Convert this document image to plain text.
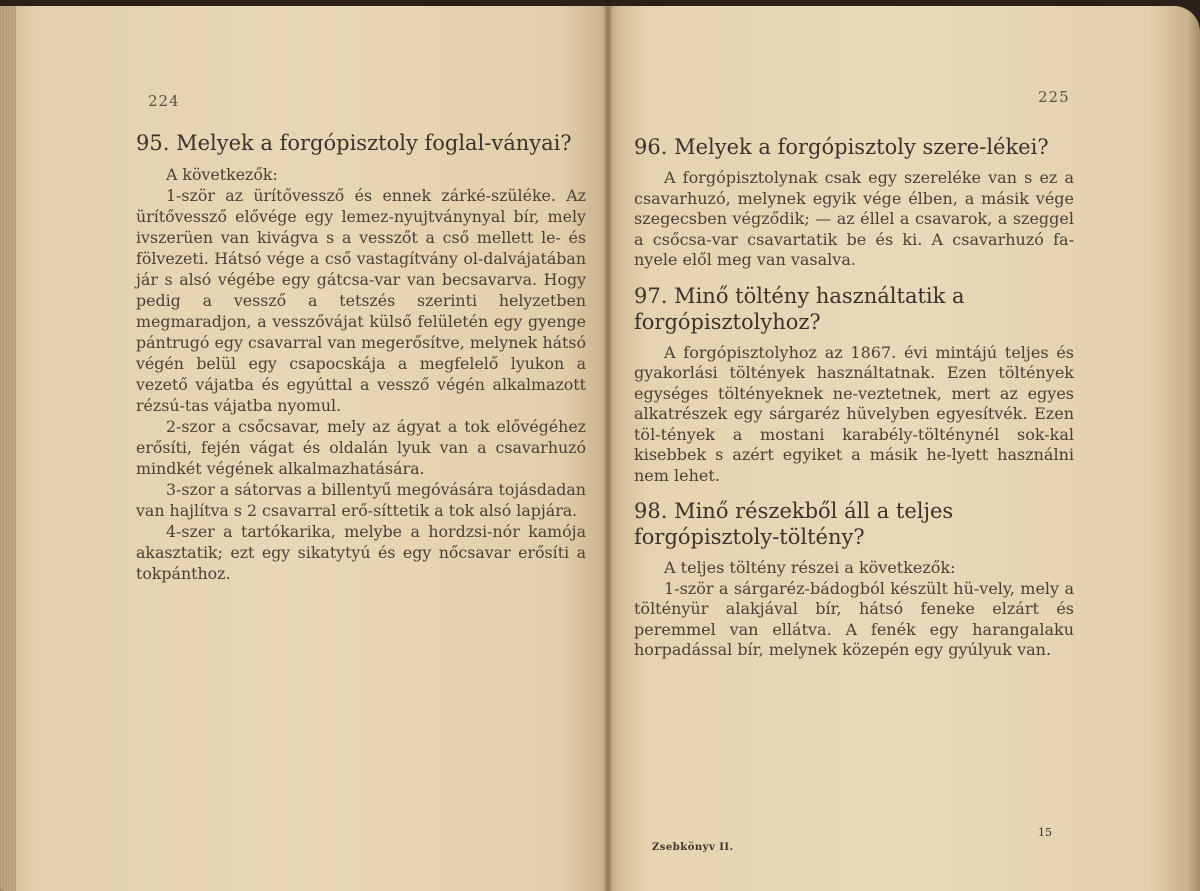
224
95. Melyek a forgópisztoly foglal-ványai?

A következők:

1-ször az ürítővessző és ennek zárké-szüléke. Az ürítővessző elővége egy lemez-nyujtványnyal bír, mely ivszerüen van kivágva s a vesszőt a cső mellett le- és fölvezeti. Hátsó vége a cső vastagítvány ol-dalvájatában jár s alsó végébe egy gátcsa-var van becsavarva. Hogy pedig a vessző a tetszés szerinti helyzetben megmaradjon, a vesszővájat külső felületén egy gyenge pántrugó egy csavarral van megerősítve, melynek hátsó végén belül egy csapocskája a megfelelő lyukon a vezető vájatba és egyúttal a vessző végén alkalmazott rézsú-tas vájatba nyomul.

2-szor a csőcsavar, mely az ágyat a tok elővégéhez erősíti, fején vágat és oldalán lyuk van a csavarhuzó mindkét végének alkalmazhatására.

3-szor a sátorvas a billentyű megóvására tojásdadan van hajlítva s 2 csavarral erő-síttetik a tok alsó lapjára.

4-szer a tartókarika, melybe a hordzsi-nór kamója akasztatik; ezt egy sikatytyú és egy nőcsavar erősíti a tokpánthoz.

225
96. Melyek a forgópisztoly szere-lékei?

A forgópisztolynak csak egy szereléke van s ez a csavarhuzó, melynek egyik vége élben, a másik vége szegecsben végződik; — az éllel a csavarok, a szeggel a csőcsa-var csavartatik be és ki. A csavarhuzó fa-nyele elől meg van vasalva.

97. Minő töltény használtatik a forgópisztolyhoz?

A forgópisztolyhoz az 1867. évi mintájú teljes és gyakorlási töltények használtatnak. Ezen töltények egységes töltényeknek ne-veztetnek, mert az egyes alkatrészek egy sárgaréz hüvelyben egyesítvék. Ezen töl-tények a mostani karabély-tölténynél sok-kal kisebbek s azért egyiket a másik he-lyett használni nem lehet.

98. Minő részekből áll a teljes forgópisztoly-töltény?

A teljes töltény részei a következők:

1-ször a sárgaréz-bádogból készült hü-vely, mely a töltényür alakjával bír, hátsó feneke elzárt és peremmel van ellátva. A fenék egy harangalaku horpadással bír, melynek közepén egy gyúlyuk van.

Zsebkönyv II.
15
